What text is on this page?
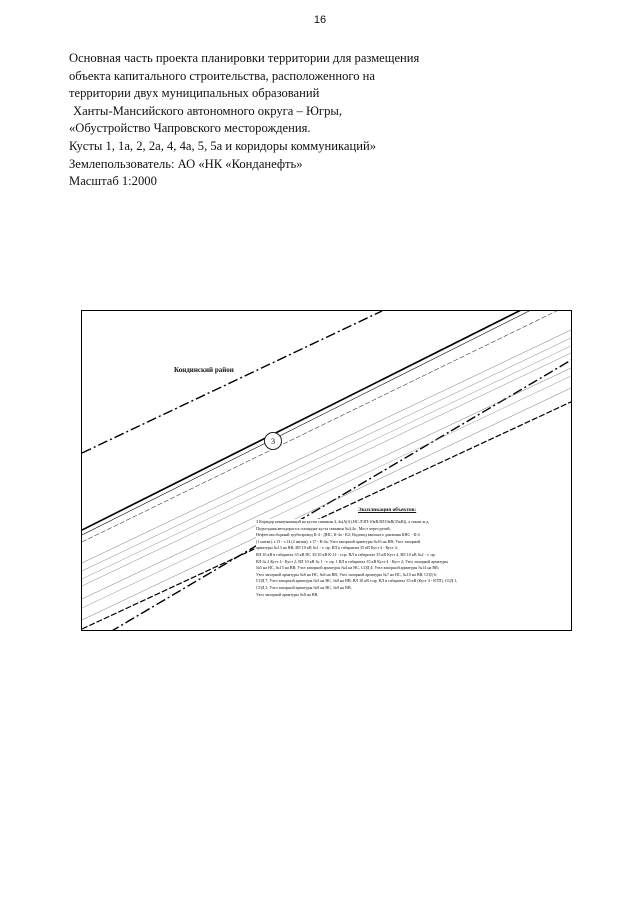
16
Основная часть проекта планировки территории для размещения
объекта капитального строительства, расположенного на
территории двух муниципальных образований
Ханты-Мансийского автономного округа – Югры,
«Обустройство Чапровского месторождения.
Кусты 1, 1а, 2, 2а, 4, 4а, 5, 5а и коридоры коммуникаций»
Землепользователь: АО «НК «Конданефть»
Масштаб 1:2000
Кондинский район
3
Экспликация объектов:
3 Коридор коммуникаций на кусты скважин 4, 4а(А(А).НС.ЛЭП-10кВ.ВЛ10кВ(35кВ)), а также ж.д.
Подъездная автодорога к площадке куста скважин №4,4а , Мост через ручей,
Нефтегазосборный трубопровод К-4 - ДНС, К-4а - К2; Водовод высокого давления КНС - К-4
(1 нитка), т.13 - т.14 (2 нитки), т.17 - К-4а; Узел запорной арматуры №16 на ВВ; Узел запорной
арматуры №13 на ВВ; ВЛ 10 кВ №1 - т. пр. ВЛ к габаритам 35 кВ Куст 4 - Куст 4;
ВЛ 10 кВ в габаритах 35 кВ ПС 35/10 кВ К-12 - т.пр. ВЛ в габаритах 35 кВ Куст 4, ВЛ 10 кВ №2 - т. пр.
ВЛ № 2 Куст 4 - Куст 2; ВЛ 10 кВ № 1 - т. пр. 1 ВЛ в габаритах 35 кВ Куст 4 - Куст 2; Узел запорной арматуры
№5 на НС, №15 на ВВ; Узел запорной арматуры №4 на НС, СОД 4; Узел запорной арматуры №14 на ВВ;
Узел запорной арматуры №6 на НС, №6 на ВВ; Узел запорной арматуры №7 на НС, №10 на ВВ, СОД 6;
СОД 7; Узел запорной арматуры №3 на НС, №8 на ВВ; ВЛ 10 кВ т.пр. ВЛ в габаритах 35 кВ (Куст 4 - КТП), СОД 1,
СОД 2; Узел запорной арматуры №9 на НС, №9 на ВВ;
Узел запорной арматуры №8 на ВВ.
